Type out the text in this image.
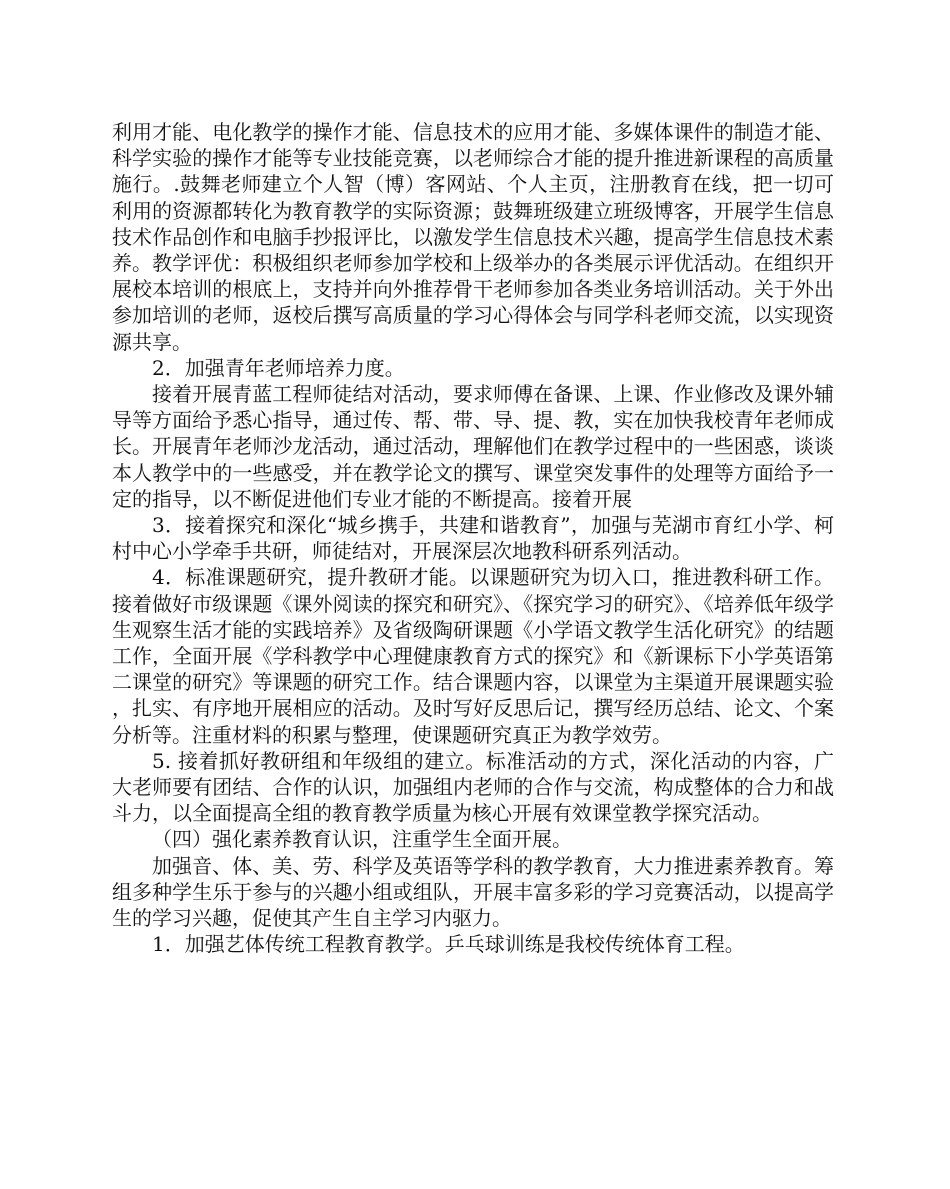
利用才能、电化教学的操作才能、信息技术的应用才能、多媒体课件的制造才能、科学实验的操作才能等专业技能竞赛，以老师综合才能的提升推进新课程的高质量施行。.鼓舞老师建立个人智（博）客网站、个人主页，注册教育在线，把一切可利用的资源都转化为教育教学的实际资源；鼓舞班级建立班级博客，开展学生信息技术作品创作和电脑手抄报评比，以激发学生信息技术兴趣，提高学生信息技术素养。教学评优：积极组织老师参加学校和上级举办的各类展示评优活动。在组织开展校本培训的根底上，支持并向外推荐骨干老师参加各类业务培训活动。关于外出参加培训的老师，返校后撰写高质量的学习心得体会与同学科老师交流，以实现资源共享。

2．加强青年老师培养力度。

接着开展青蓝工程师徒结对活动，要求师傅在备课、上课、作业修改及课外辅导等方面给予悉心指导，通过传、帮、带、导、提、教，实在加快我校青年老师成长。开展青年老师沙龙活动，通过活动，理解他们在教学过程中的一些困惑，谈谈本人教学中的一些感受，并在教学论文的撰写、课堂突发事件的处理等方面给予一定的指导，以不断促进他们专业才能的不断提高。接着开展

3．接着探究和深化“城乡携手，共建和谐教育”，加强与芜湖市育红小学、柯村中心小学牵手共研，师徒结对，开展深层次地教科研系列活动。

4．标准课题研究，提升教研才能。以课题研究为切入口，推进教科研工作。接着做好市级课题《课外阅读的探究和研究》、《探究学习的研究》、《培养低年级学生观察生活才能的实践培养》及省级陶研课题《小学语文教学生活化研究》的结题工作，全面开展《学科教学中心理健康教育方式的探究》和《新课标下小学英语第二课堂的研究》等课题的研究工作。结合课题内容，以课堂为主渠道开展课题实验，扎实、有序地开展相应的活动。及时写好反思后记，撰写经历总结、论文、个案分析等。注重材料的积累与整理，使课题研究真正为教学效劳。

5. 接着抓好教研组和年级组的建立。标准活动的方式，深化活动的内容，广大老师要有团结、合作的认识，加强组内老师的合作与交流，构成整体的合力和战斗力，以全面提高全组的教育教学质量为核心开展有效课堂教学探究活动。

（四）强化素养教育认识，注重学生全面开展。

加强音、体、美、劳、科学及英语等学科的教学教育，大力推进素养教育。筹组多种学生乐于参与的兴趣小组或组队，开展丰富多彩的学习竞赛活动，以提高学生的学习兴趣，促使其产生自主学习内驱力。

1．加强艺体传统工程教育教学。乒乓球训练是我校传统体育工程。
